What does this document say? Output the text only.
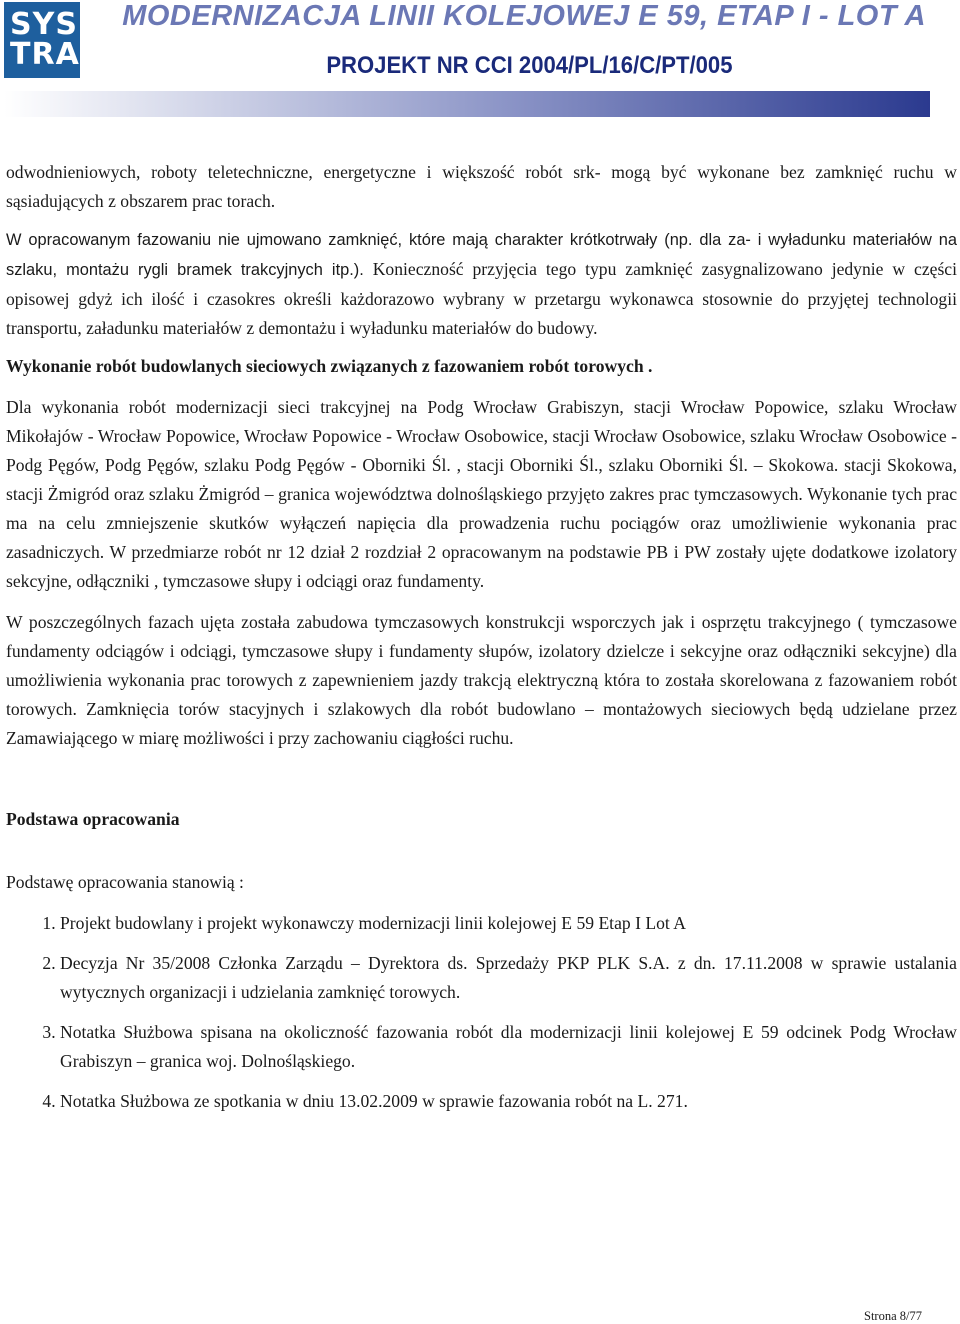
SYS
TRA
MODERNIZACJA LINII KOLEJOWEJ E 59, ETAP I - LOT A
PROJEKT NR CCI 2004/PL/16/C/PT/005

odwodnieniowych, roboty teletechniczne, energetyczne i większość robót srk- mogą być wykonane bez zamknięć ruchu w sąsiadujących z obszarem prac torach.

W opracowanym fazowaniu nie ujmowano zamknięć, które mają charakter krótkotrwały (np. dla za- i wyładunku materiałów na szlaku, montażu rygli bramek trakcyjnych itp.). Konieczność przyjęcia tego typu zamknięć zasygnalizowano jedynie w części opisowej gdyż ich ilość i czasokres określi każdorazowo wybrany w przetargu wykonawca stosownie do przyjętej technologii transportu, załadunku materiałów z demontażu i wyładunku materiałów do budowy.

Wykonanie robót budowlanych sieciowych związanych z fazowaniem robót torowych .

Dla wykonania robót modernizacji sieci trakcyjnej na Podg Wrocław Grabiszyn, stacji Wrocław Popowice, szlaku Wrocław Mikołajów - Wrocław Popowice, Wrocław Popowice - Wrocław Osobowice, stacji Wrocław Osobowice, szlaku Wrocław Osobowice - Podg Pęgów, Podg Pęgów, szlaku Podg Pęgów - Oborniki Śl. , stacji Oborniki Śl., szlaku Oborniki Śl. – Skokowa. stacji Skokowa, stacji Żmigród oraz szlaku Żmigród – granica województwa dolnośląskiego przyjęto zakres prac tymczasowych. Wykonanie tych prac ma na celu zmniejszenie skutków wyłączeń napięcia dla prowadzenia ruchu pociągów oraz umożliwienie wykonania prac zasadniczych. W przedmiarze robót nr 12 dział 2 rozdział 2 opracowanym na podstawie PB i PW zostały ujęte dodatkowe izolatory sekcyjne, odłączniki , tymczasowe słupy i odciągi oraz fundamenty.

W poszczególnych fazach ujęta została zabudowa tymczasowych konstrukcji wsporczych jak i osprzętu trakcyjnego ( tymczasowe fundamenty odciągów i odciągi, tymczasowe słupy i fundamenty słupów, izolatory dzielcze i sekcyjne oraz odłączniki sekcyjne) dla umożliwienia wykonania prac torowych z zapewnieniem jazdy trakcją elektryczną która to została skorelowana z fazowaniem robót torowych. Zamknięcia torów stacyjnych i szlakowych dla robót budowlano – montażowych sieciowych będą udzielane przez Zamawiającego w miarę możliwości i przy zachowaniu ciągłości ruchu.

Podstawa opracowania

Podstawę opracowania stanowią :

1. Projekt budowlany i projekt wykonawczy modernizacji linii kolejowej E 59 Etap I Lot A
2. Decyzja Nr 35/2008 Członka Zarządu – Dyrektora ds. Sprzedaży PKP PLK S.A. z dn. 17.11.2008 w sprawie ustalania wytycznych organizacji i udzielania zamknięć torowych.
3. Notatka Służbowa spisana na okoliczność fazowania robót dla modernizacji linii kolejowej E 59 odcinek Podg Wrocław Grabiszyn – granica woj. Dolnośląskiego.
4. Notatka Służbowa ze spotkania w dniu 13.02.2009 w sprawie fazowania robót na L. 271.
Strona 8/77
